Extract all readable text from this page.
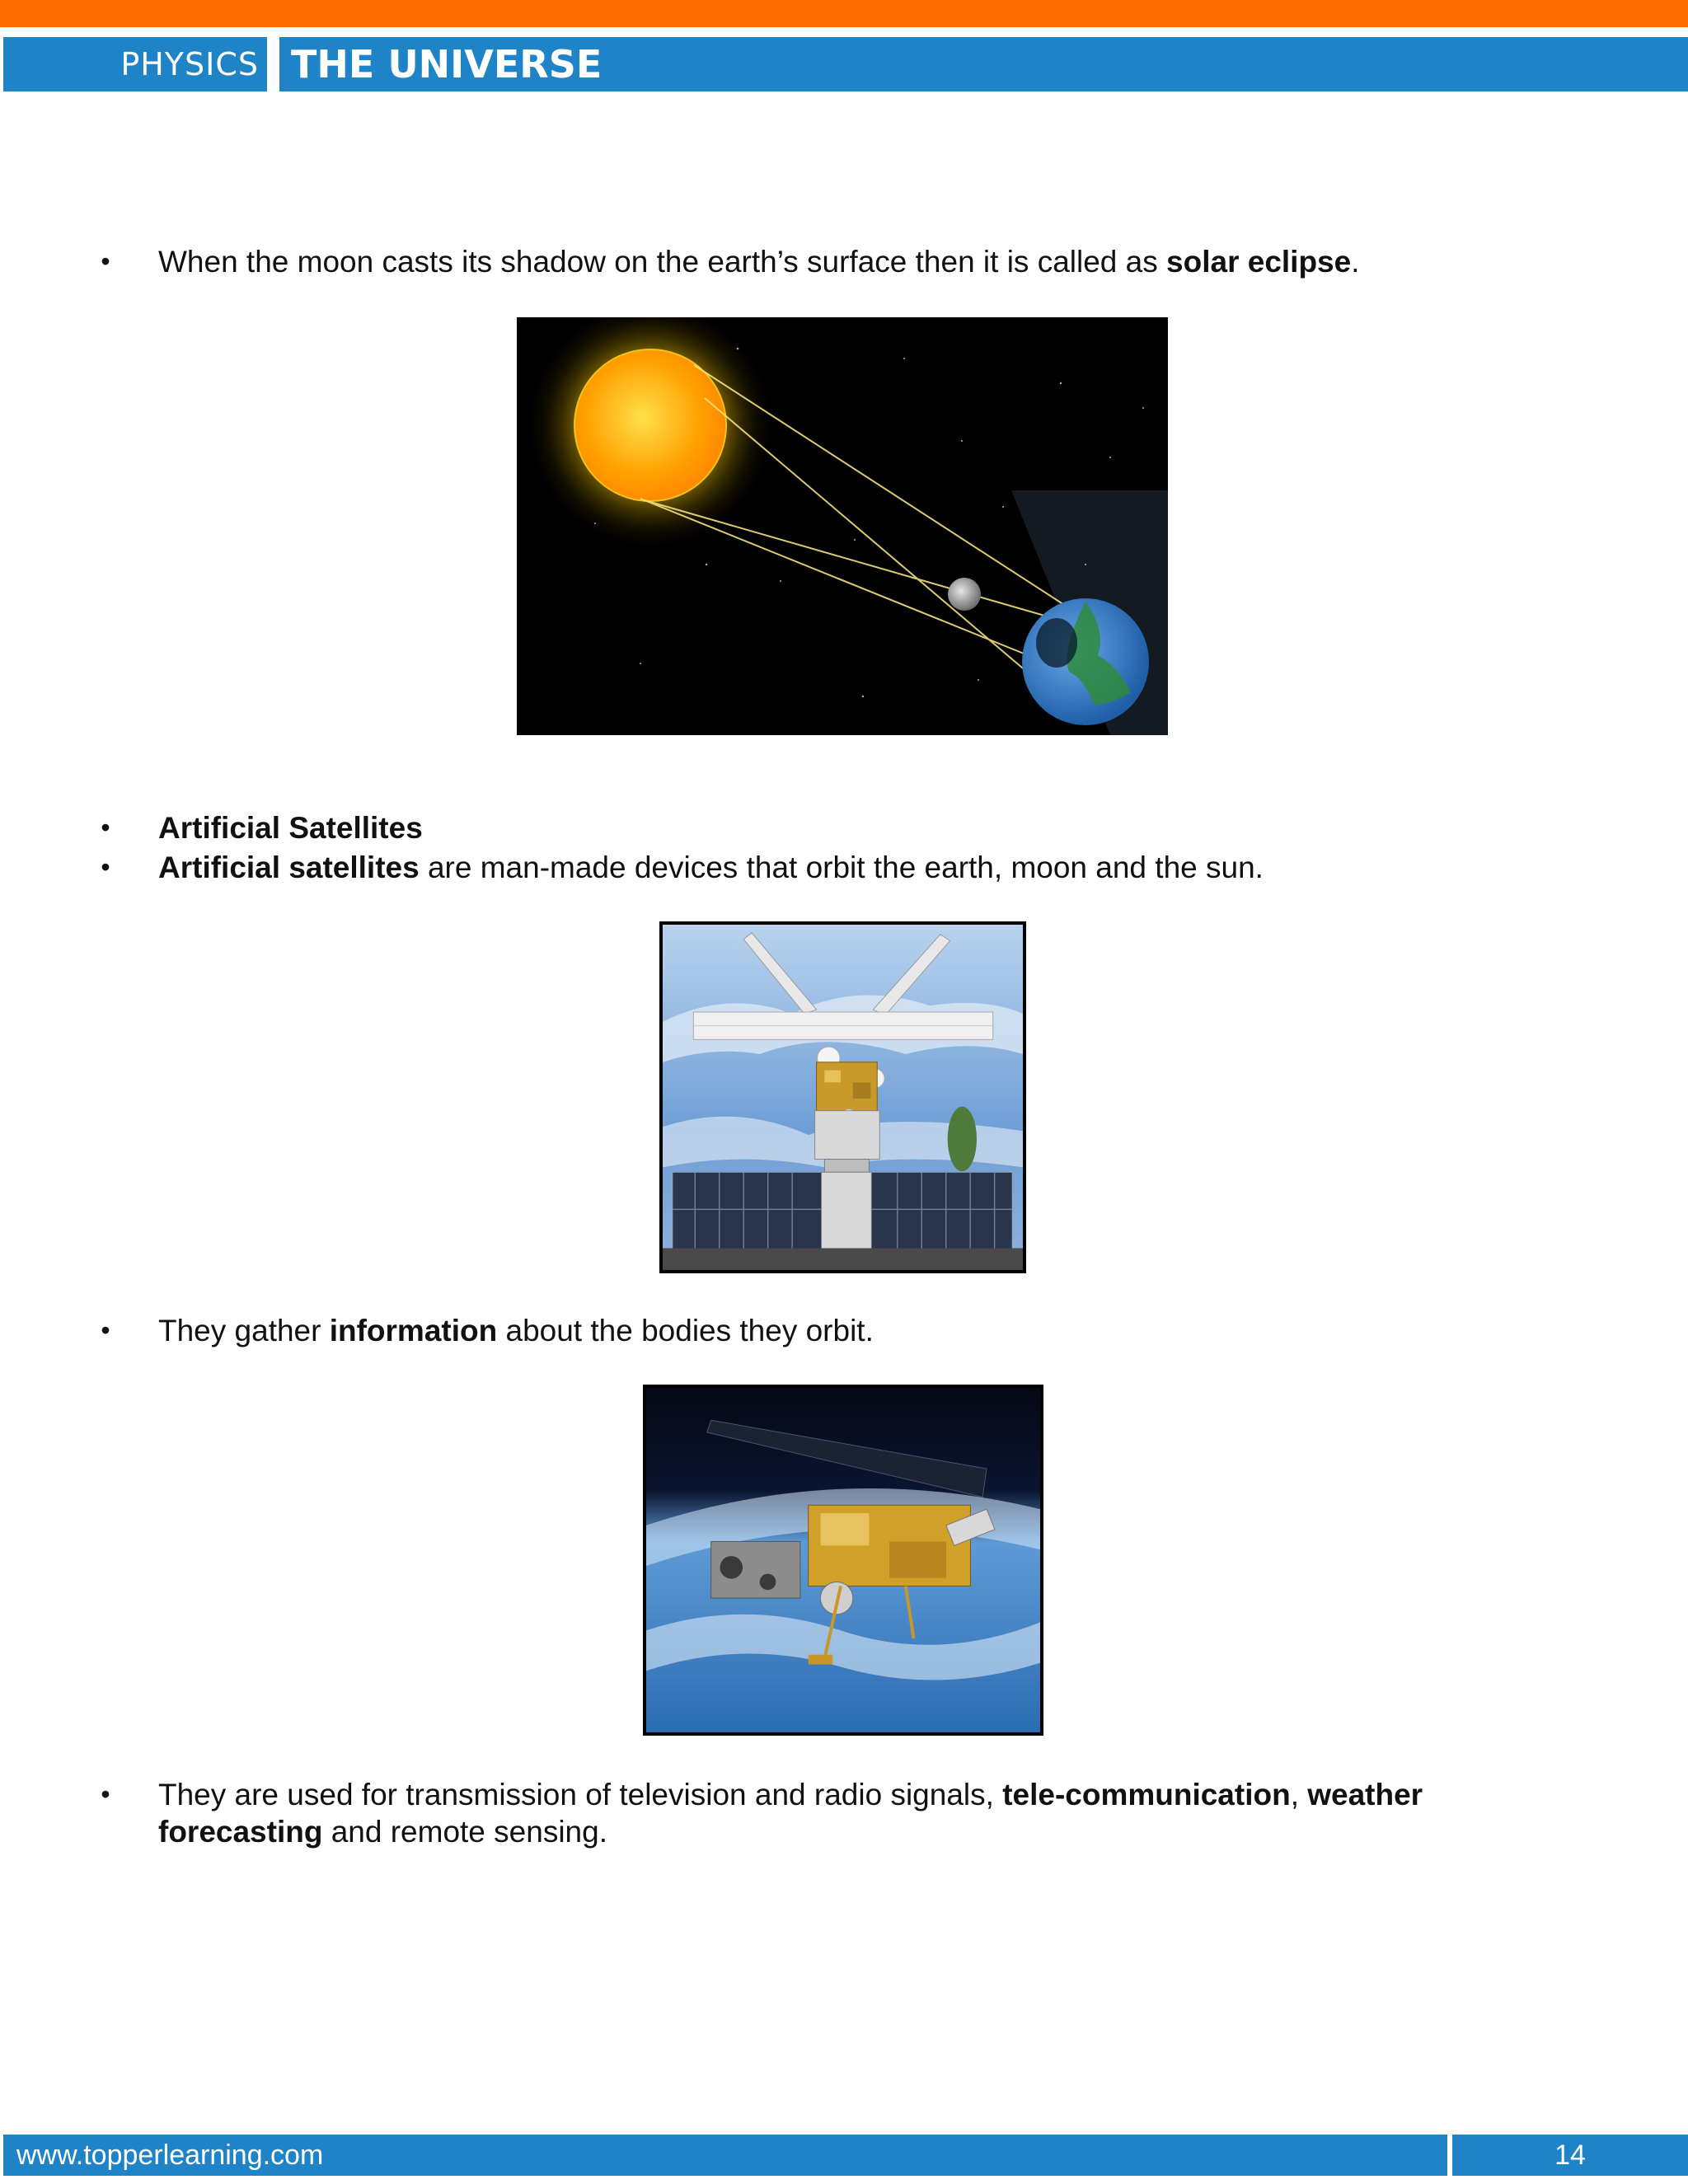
PHYSICS THE UNIVERSE
• When the moon casts its shadow on the earth’s surface then it is called as solar eclipse.
• Artificial Satellites
• Artificial satellites are man-made devices that orbit the earth, moon and the sun.
• They gather information about the bodies they orbit.
• They are used for transmission of television and radio signals, tele-communication, weather forecasting and remote sensing.
www.topperlearning.com	14
